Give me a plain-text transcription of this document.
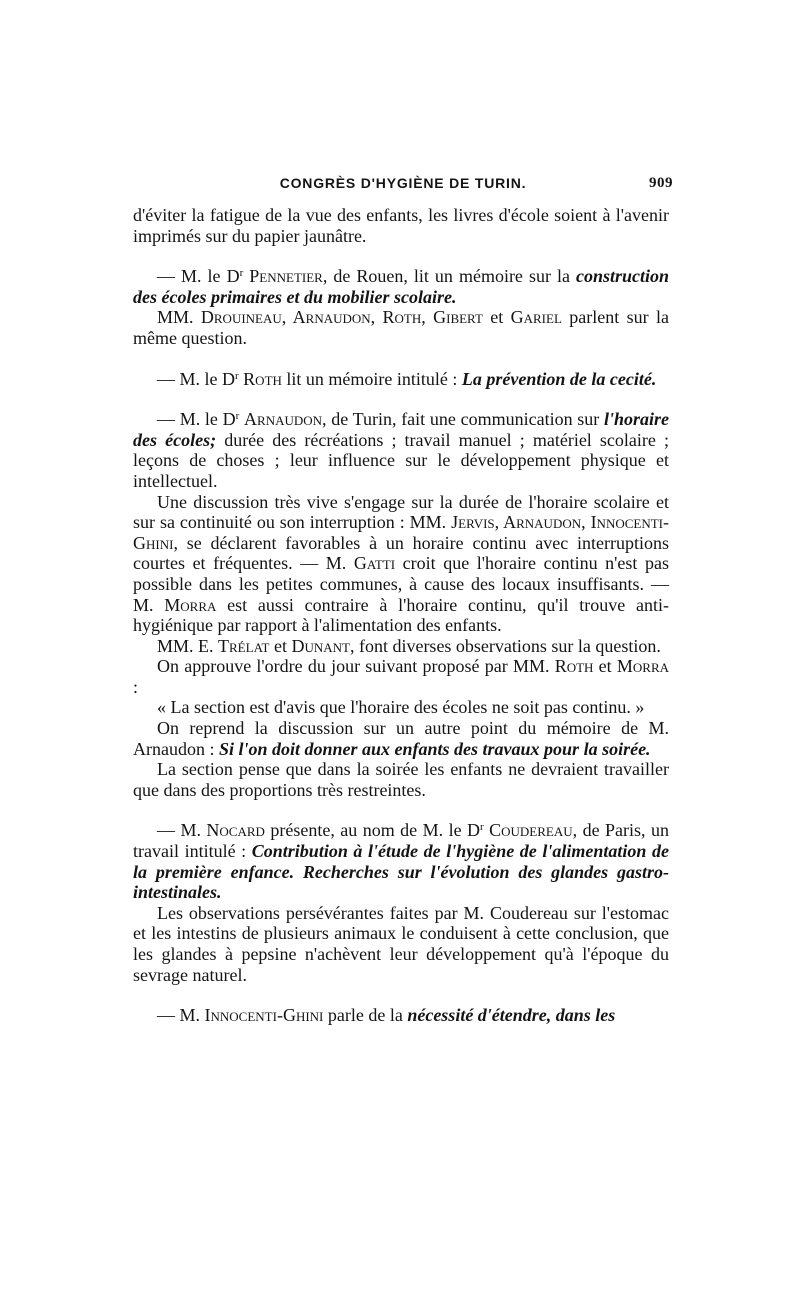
CONGRÈS D'HYGIÈNE DE TURIN.	909

d'éviter la fatigue de la vue des enfants, les livres d'école soient à l'avenir imprimés sur du papier jaunâtre.

— M. le $D^r$ Pennetier, de Rouen, lit un mémoire sur la construction des écoles primaires et du mobilier scolaire.

MM. Drouineau, Arnaudon, Roth, Gibert et Gariel parlent sur la même question.

— M. le $D^r$ Roth lit un mémoire intitulé : La prévention de la cecité.

— M. le $D^r$ Arnaudon, de Turin, fait une communication sur l'horaire des écoles; durée des récréations ; travail manuel ; matériel scolaire ; leçons de choses ; leur influence sur le développement physique et intellectuel.

Une discussion très vive s'engage sur la durée de l'horaire scolaire et sur sa continuité ou son interruption : MM. Jervis, Arnaudon, Innocenti-Ghini, se déclarent favorables à un horaire continu avec interruptions courtes et fréquentes. — M. Gatti croit que l'horaire continu n'est pas possible dans les petites communes, à cause des locaux insuffisants. — M. Morra est aussi contraire à l'horaire continu, qu'il trouve anti-hygiénique par rapport à l'alimentation des enfants.

MM. E. Trélat et Dunant, font diverses observations sur la question.

On approuve l'ordre du jour suivant proposé par MM. Roth et Morra :

« La section est d'avis que l'horaire des écoles ne soit pas continu. »

On reprend la discussion sur un autre point du mémoire de M. Arnaudon : Si l'on doit donner aux enfants des travaux pour la soirée.

La section pense que dans la soirée les enfants ne devraient travailler que dans des proportions très restreintes.

— M. Nocard présente, au nom de M. le $D^r$ Coudereau, de Paris, un travail intitulé : Contribution à l'étude de l'hygiène de l'alimentation de la première enfance. Recherches sur l'évolution des glandes gastro-intestinales.

Les observations persévérantes faites par M. Coudereau sur l'estomac et les intestins de plusieurs animaux le conduisent à cette conclusion, que les glandes à pepsine n'achèvent leur développement qu'à l'époque du sevrage naturel.

— M. Innocenti-Ghini parle de la nécessité d'étendre, dans les
